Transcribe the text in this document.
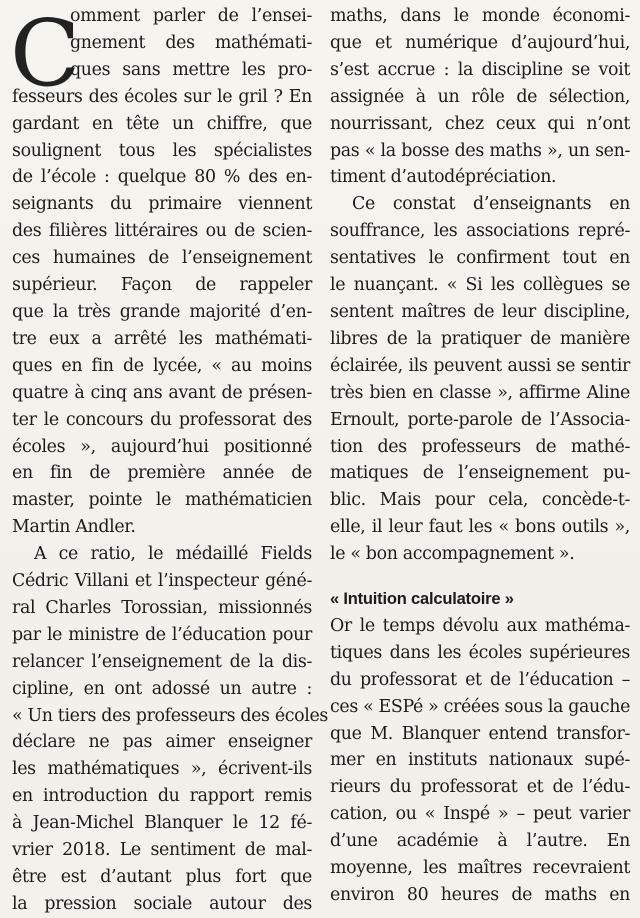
C
omment parler de l’ensei-
gnement des mathémati-
ques sans mettre les pro-
fesseurs des écoles sur le gril ? En
gardant en tête un chiffre, que
soulignent tous les spécialistes
de l’école : quelque 80 % des en-
seignants du primaire viennent
des filières littéraires ou de scien-
ces humaines de l’enseignement
supérieur. Façon de rappeler
que la très grande majorité d’en-
tre eux a arrêté les mathémati-
ques en fin de lycée, « au moins
quatre à cinq ans avant de présen-
ter le concours du professorat des
écoles », aujourd’hui positionné
en fin de première année de
master, pointe le mathématicien
Martin Andler.
A ce ratio, le médaillé Fields
Cédric Villani et l’inspecteur géné-
ral Charles Torossian, missionnés
par le ministre de l’éducation pour
relancer l’enseignement de la dis-
cipline, en ont adossé un autre :
« Un tiers des professeurs des écoles
déclare ne pas aimer enseigner
les mathématiques », écrivent-ils
en introduction du rapport remis
à Jean-Michel Blanquer le 12 fé-
vrier 2018. Le sentiment de mal-
être est d’autant plus fort que
la pression sociale autour des
maths, dans le monde économi-
que et numérique d’aujourd’hui,
s’est accrue : la discipline se voit
assignée à un rôle de sélection,
nourrissant, chez ceux qui n’ont
pas « la bosse des maths », un sen-
timent d’autodépréciation.
Ce constat d’enseignants en
souffrance, les associations repré-
sentatives le confirment tout en
le nuançant. « Si les collègues se
sentent maîtres de leur discipline,
libres de la pratiquer de manière
éclairée, ils peuvent aussi se sentir
très bien en classe », affirme Aline
Ernoult, porte-parole de l’Associa-
tion des professeurs de mathé-
matiques de l’enseignement pu-
blic. Mais pour cela, concède-t-
elle, il leur faut les « bons outils »,
le « bon accompagnement ».
« Intuition calculatoire »
Or le temps dévolu aux mathéma-
tiques dans les écoles supérieures
du professorat et de l’éducation –
ces « ESPé » créées sous la gauche
que M. Blanquer entend transfor-
mer en instituts nationaux supé-
rieurs du professorat et de l’édu-
cation, ou « Inspé » – peut varier
d’une académie à l’autre. En
moyenne, les maîtres recevraient
environ 80 heures de maths en
